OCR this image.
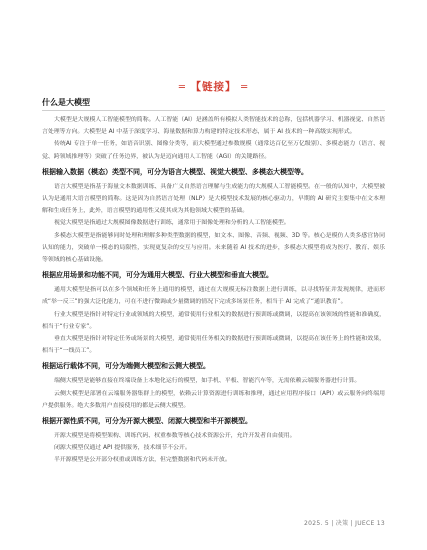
═ 【链接】 ═
什么是大模型

大模型是大规模人工智能模型的简称。人工智能（AI）是涵盖所有模拟人类智能技术的总称，包括机器学习、机器视觉、自然语言处理等方向。大模型是 AI 中基于深度学习、海量数据和算力构建的特定技术形态，属于 AI 技术的一种高级实现形式。

传统AI 专注于单一任务，如语音识别、图像分类等，而大模型通过参数规模（通常达百亿至万亿级别）、多模态能力（语言、视觉、跨领域推理等）突破了任务边界，被认为是迈向通用人工智能（AGI）的关键路径。

根据输入数据（模态）类型不同，可分为语言大模型、视觉大模型、多模态大模型等。

语言大模型是指基于海量文本数据训练、具备广义自然语言理解与生成能力的大规模人工智能模型。在一般的认知中，大模型被认为是通用大语言模型的简称。这是因为自然语言处理（NLP）是大模型技术发展的核心驱动力，早期的 AI 研究主要集中在文本理解和生成任务上，此外，语言模型的通用性又使其成为其他领域大模型的基础。

视觉大模型是指通过大规模图像数据进行训练，通常用于图像处理和分析的人工智能模型。

多模态大模型是指能够同时处理和理解多种类型数据的模型，如文本、图像、音频、视频、3D 等。核心是模仿人类多感官协同认知的能力，突破单一模态的局限性，实现更复杂的交互与应用。未来随着 AI 技术的进步，多模态大模型将成为医疗、教育、娱乐等领域的核心基础设施。

根据应用场景和功能不同，可分为通用大模型、行业大模型和垂直大模型。

通用大模型是指可以在多个领域和任务上通用的模型，通过在大规模无标注数据上进行训练，以寻找特征并发现规律，进而形成“举一反三”的强大泛化能力，可在不进行微调或少量微调的情况下完成多场景任务，相当于 AI 完成了“通识教育”。

行业大模型是指针对特定行业或领域的大模型，通常使用行业相关的数据进行预训练或微调，以提高在该领域的性能和准确度，相当于“行业专家”。

垂直大模型是指针对特定任务或场景的大模型，通常使用任务相关的数据进行预训练或微调，以提高在该任务上的性能和效果，相当于“一线员工”。

根据运行载体不同，可分为端侧大模型和云侧大模型。

端侧大模型是能够直接在终端设备上本地化运行的模型，如手机、平板、智能汽车等，无需依赖云端服务器进行计算。

云侧大模型是部署在云端服务器集群上的模型，依赖云计算资源进行训练和推理，通过应用程序接口（API）或云服务向终端用户提供服务。绝大多数用户直接使用的都是云侧大模型。

根据开源性质不同，可分为开源大模型、闭源大模型和半开源模型。

开源大模型是将模型架构、训练代码、权重参数等核心技术资源公开，允许开发者自由使用。

闭源大模型仅通过 API 提供服务，技术细节不公开。

半开源模型是公开部分权重或训练方法，但完整数据和代码未开放。

2025. 5 | 决策 | JUECE 13
